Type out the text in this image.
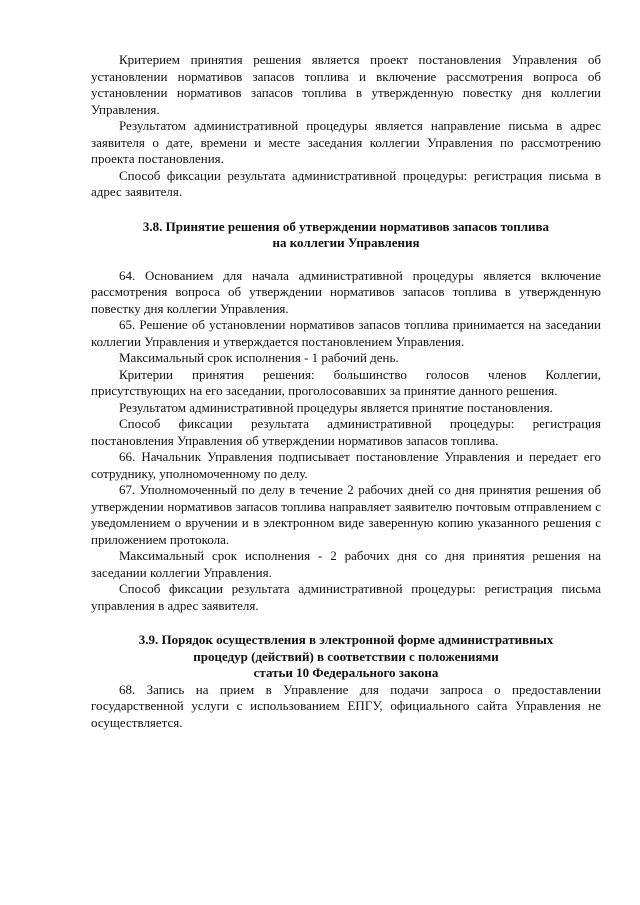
Критерием принятия решения является проект постановления Управления об установлении нормативов запасов топлива и включение рассмотрения вопроса об установлении нормативов запасов топлива в утвержденную повестку дня коллегии Управления.

Результатом административной процедуры является направление письма в адрес заявителя о дате, времени и месте заседания коллегии Управления по рассмотрению проекта постановления.

Способ фиксации результата административной процедуры: регистрация письма в адрес заявителя.

3.8. Принятие решения об утверждении нормативов запасов топлива
на коллегии Управления

64. Основанием для начала административной процедуры является включение рассмотрения вопроса об утверждении нормативов запасов топлива в утвержденную повестку дня коллегии Управления.

65. Решение об установлении нормативов запасов топлива принимается на заседании коллегии Управления и утверждается постановлением Управления.

Максимальный срок исполнения - 1 рабочий день.

Критерии принятия решения: большинство голосов членов Коллегии, присутствующих на его заседании, проголосовавших за принятие данного решения.

Результатом административной процедуры является принятие постановления.

Способ фиксации результата административной процедуры: регистрация постановления Управления об утверждении нормативов запасов топлива.

66. Начальник Управления подписывает постановление Управления и передает его сотруднику, уполномоченному по делу.

67. Уполномоченный по делу в течение 2 рабочих дней со дня принятия решения об утверждении нормативов запасов топлива направляет заявителю почтовым отправлением с уведомлением о вручении и в электронном виде заверенную копию указанного решения с приложением протокола.

Максимальный срок исполнения - 2 рабочих дня со дня принятия решения на заседании коллегии Управления.

Способ фиксации результата административной процедуры: регистрация письма управления в адрес заявителя.

3.9. Порядок осуществления в электронной форме административных
процедур (действий) в соответствии с положениями
статьи 10 Федерального закона

68. Запись на прием в Управление для подачи запроса о предоставлении государственной услуги с использованием ЕПГУ, официального сайта Управления не осуществляется.
